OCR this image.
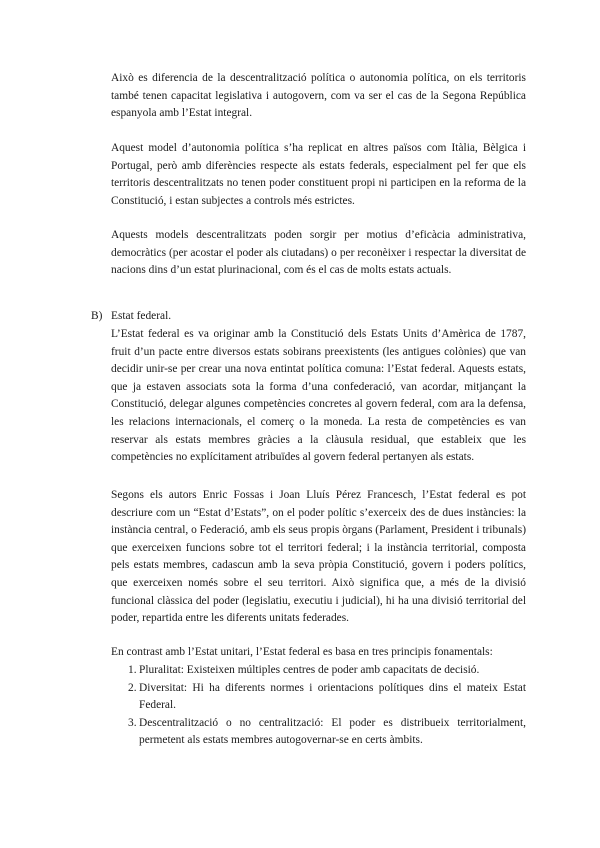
Això es diferencia de la descentralització política o autonomia política, on els territoris també tenen capacitat legislativa i autogovern, com va ser el cas de la Segona República espanyola amb l’Estat integral.

Aquest model d’autonomia política s’ha replicat en altres països com Itàlia, Bèlgica i Portugal, però amb diferències respecte als estats federals, especialment pel fer que els territoris descentralitzats no tenen poder constituent propi ni participen en la reforma de la Constitució, i estan subjectes a controls més estrictes.

Aquests models descentralitzats poden sorgir per motius d’eficàcia administrativa, democràtics (per acostar el poder als ciutadans) o per reconèixer i respectar la diversitat de nacions dins d’un estat plurinacional, com és el cas de molts estats actuals.

B) Estat federal.

L’Estat federal es va originar amb la Constitució dels Estats Units d’Amèrica de 1787, fruit d’un pacte entre diversos estats sobirans preexistents (les antigues colònies) que van decidir unir-se per crear una nova entintat política comuna: l’Estat federal. Aquests estats, que ja estaven associats sota la forma d’una confederació, van acordar, mitjançant la Constitució, delegar algunes competències concretes al govern federal, com ara la defensa, les relacions internacionals, el comerç o la moneda. La resta de competències es van reservar als estats membres gràcies a la clàusula residual, que estableix que les competències no explícitament atribuïdes al govern federal pertanyen als estats.

Segons els autors Enric Fossas i Joan Lluís Pérez Francesch, l’Estat federal es pot descriure com un “Estat d’Estats”, on el poder polític s’exerceix des de dues instàncies: la instància central, o Federació, amb els seus propis òrgans (Parlament, President i tribunals) que exerceixen funcions sobre tot el territori federal; i la instància territorial, composta pels estats membres, cadascun amb la seva pròpia Constitució, govern i poders polítics, que exerceixen només sobre el seu territori. Això significa que, a més de la divisió funcional clàssica del poder (legislatiu, executiu i judicial), hi ha una divisió territorial del poder, repartida entre les diferents unitats federades.

En contrast amb l’Estat unitari, l’Estat federal es basa en tres principis fonamentals:

1. Pluralitat: Existeixen múltiples centres de poder amb capacitats de decisió.
2. Diversitat: Hi ha diferents normes i orientacions polítiques dins el mateix Estat Federal.
3. Descentralització o no centralització: El poder es distribueix territorialment, permetent als estats membres autogovernar-se en certs àmbits.
